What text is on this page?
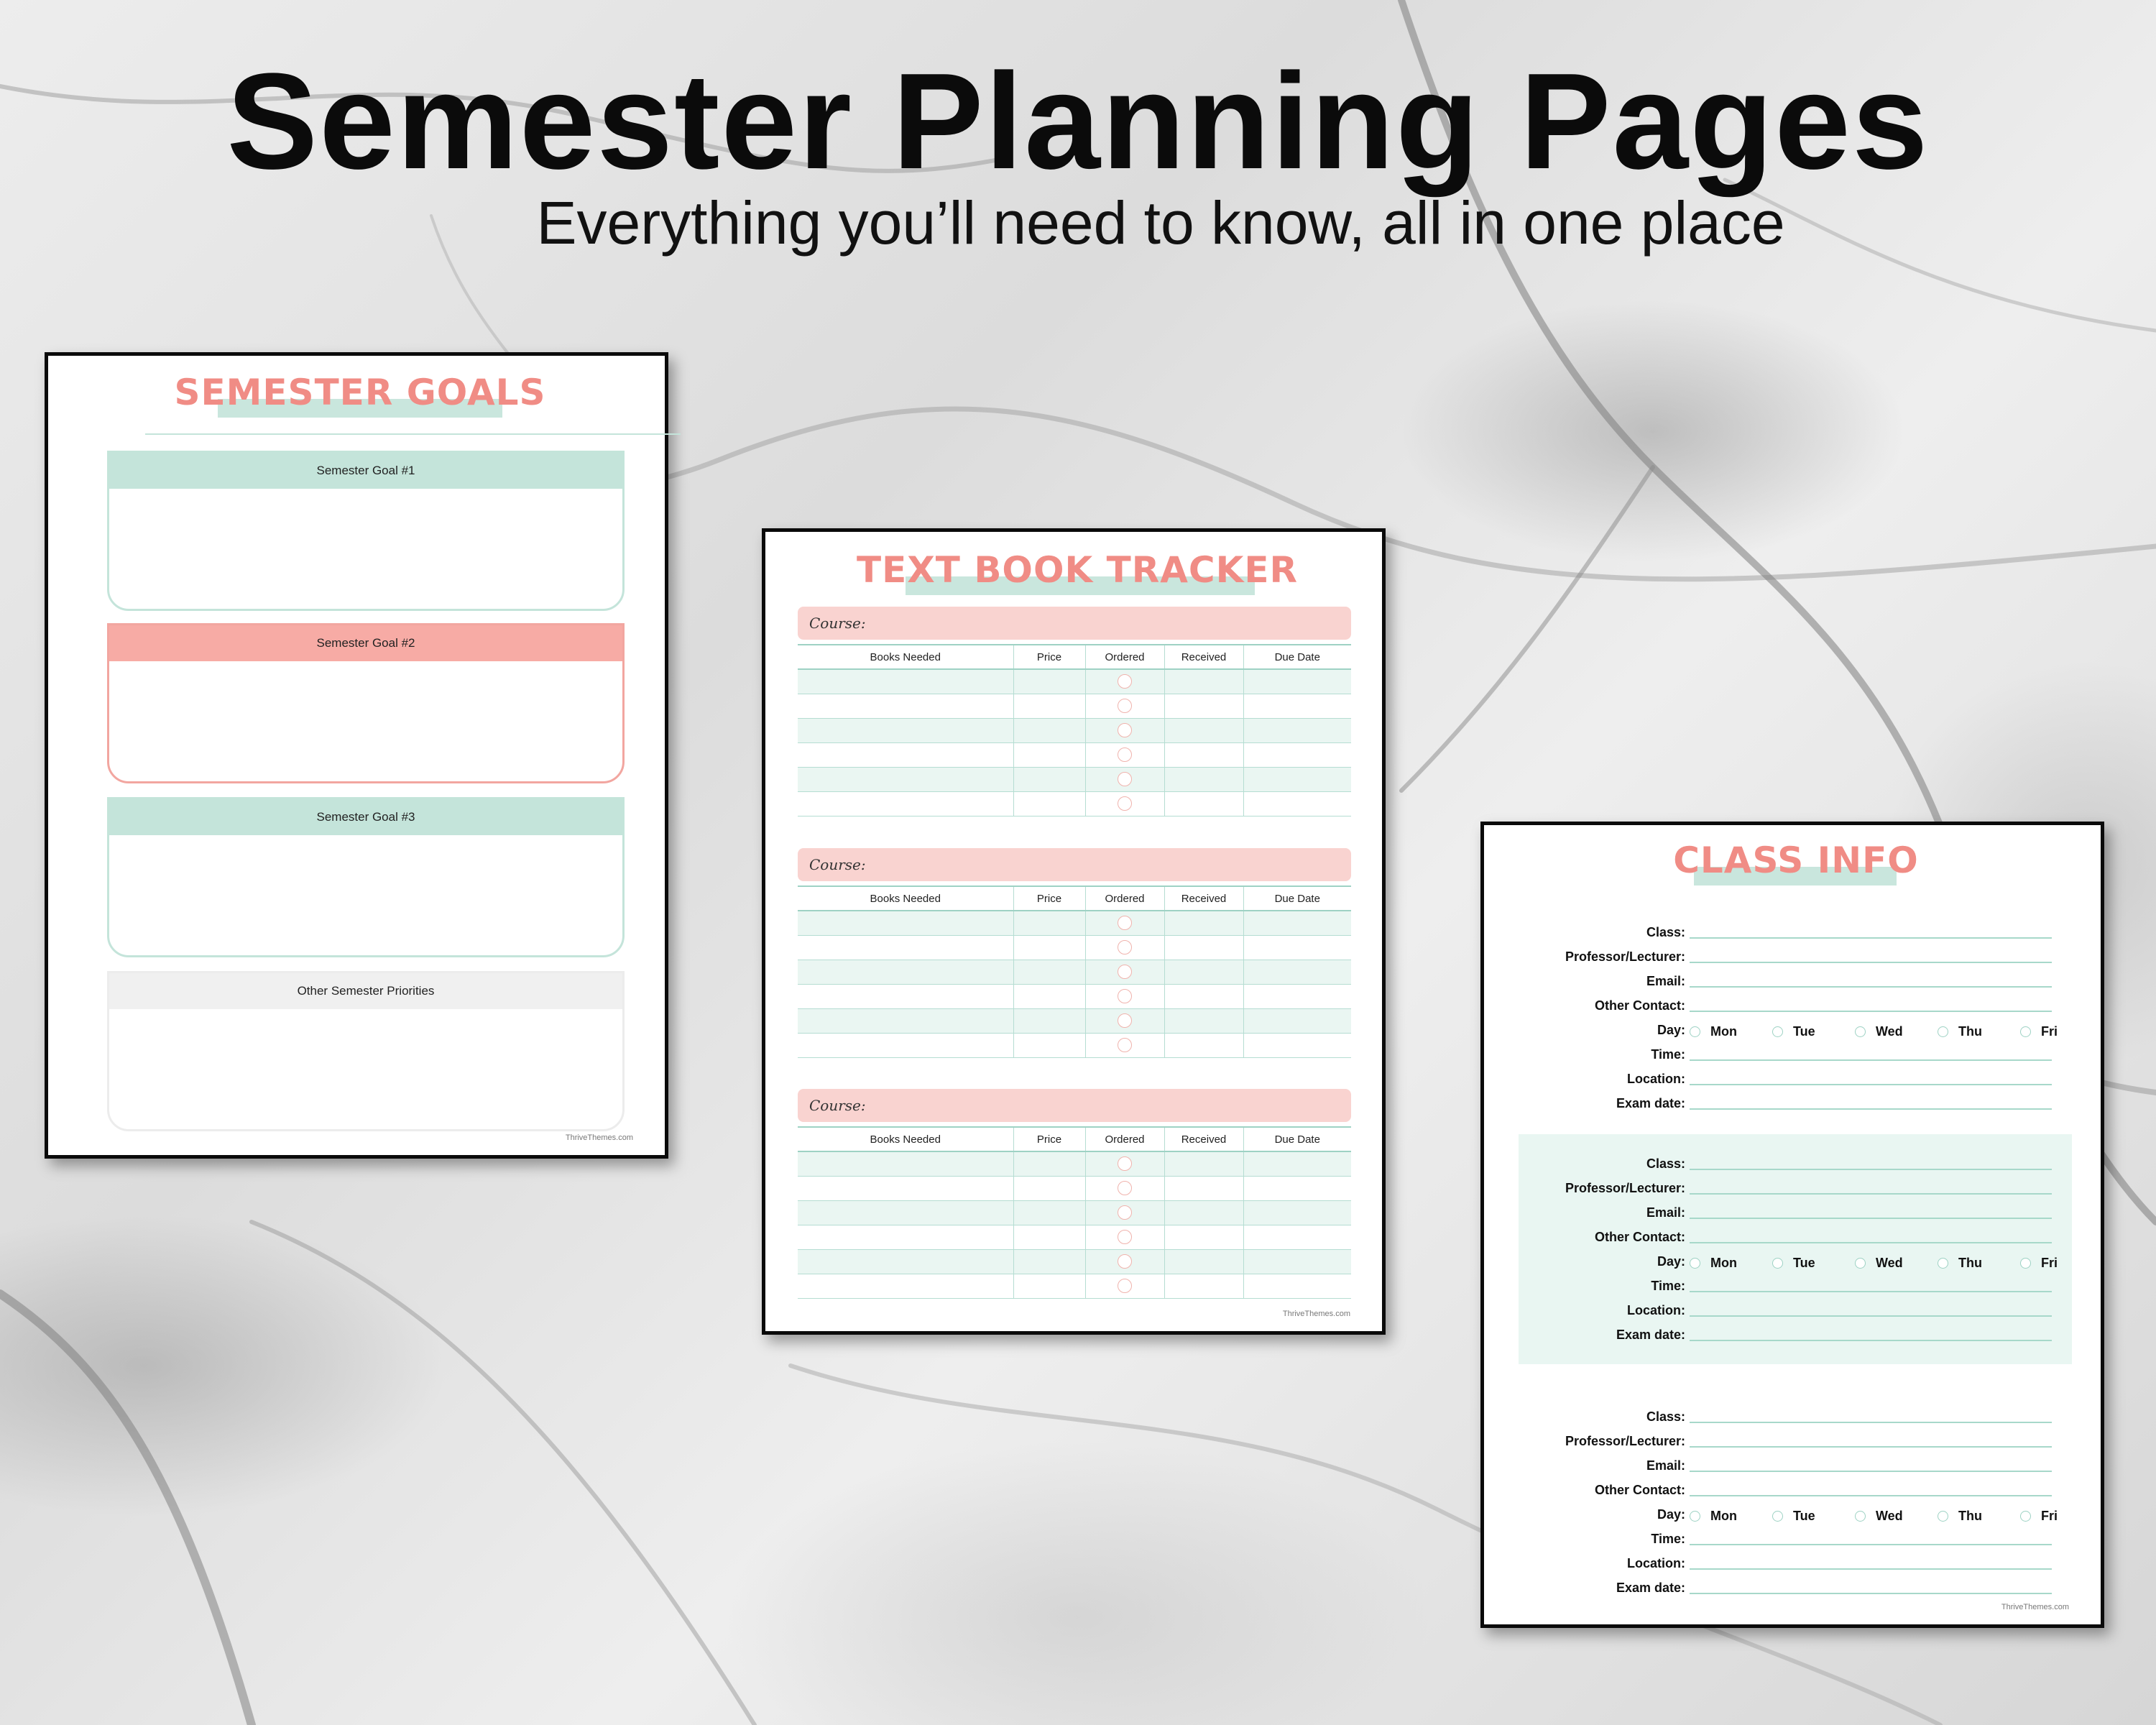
Semester Planning Pages
Everything you’ll need to know, all in one place
SEMESTER GOALS
Semester Goal #1
Semester Goal #2
Semester Goal #3
Other Semester Priorities
ThriveThemes.com
TEXT BOOK TRACKER
Course:
Books Needed	Price	Ordered	Received	Due Date

Course:
Books Needed	Price	Ordered	Received	Due Date

Course:
Books Needed	Price	Ordered	Received	Due Date

ThriveThemes.com
CLASS INFO
Class:
Professor/Lecturer:
Email:
Other Contact:
Day: Mon	Tue	Wed	Thu	Fri
Time:
Location:
Exam date:
Class:
Professor/Lecturer:
Email:
Other Contact:
Day: Mon	Tue	Wed	Thu	Fri
Time:
Location:
Exam date:
Class:
Professor/Lecturer:
Email:
Other Contact:
Day: Mon	Tue	Wed	Thu	Fri
Time:
Location:
Exam date:
ThriveThemes.com
